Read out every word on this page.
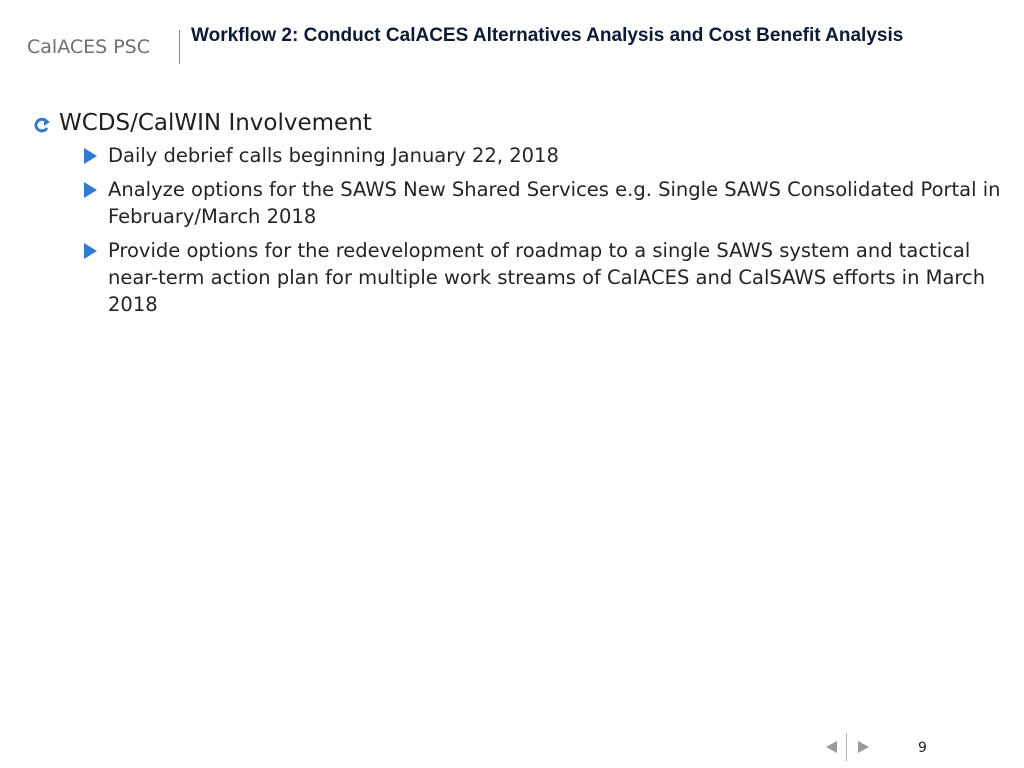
CalACES PSC
Workflow 2: Conduct CalACES Alternatives Analysis and Cost Benefit Analysis
WCDS/CalWIN Involvement
Daily debrief calls beginning January 22, 2018
Analyze options for the SAWS New Shared Services e.g. Single SAWS Consolidated Portal in February/March 2018
Provide options for the redevelopment of roadmap to a single SAWS system and tactical near-term action plan for multiple work streams of CalACES and CalSAWS efforts in March 2018
9
